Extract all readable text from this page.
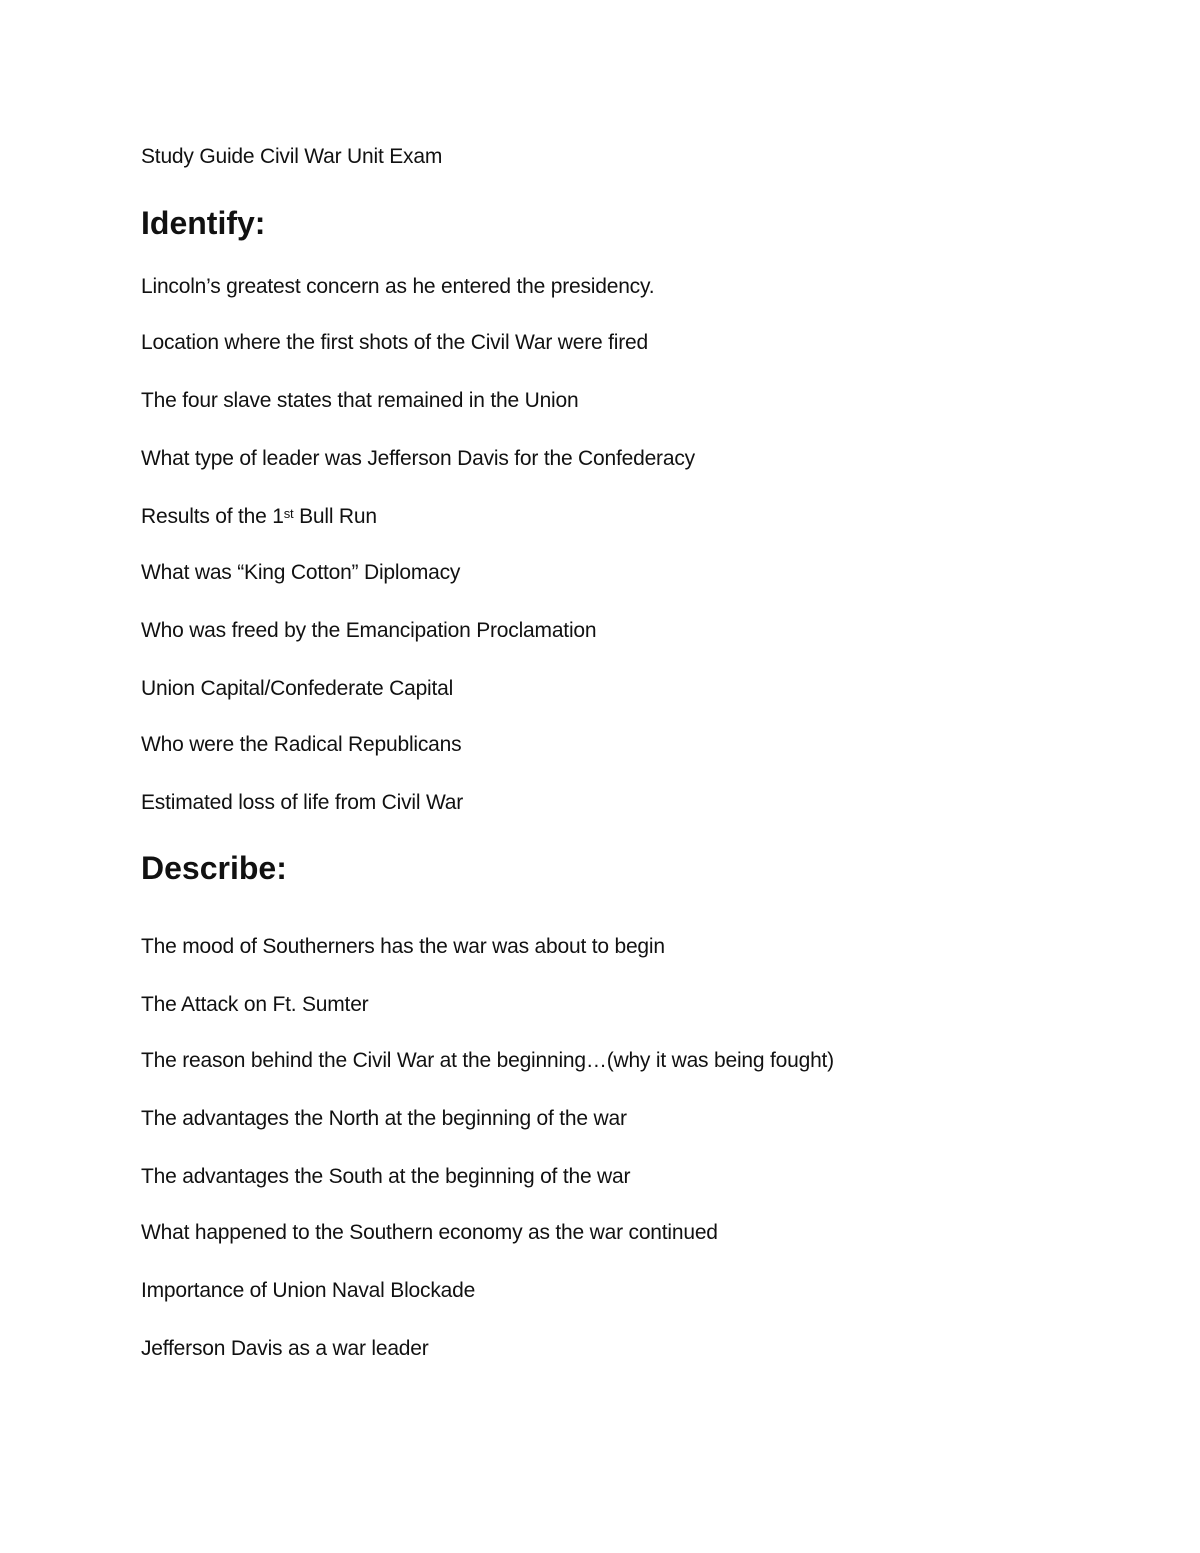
Study Guide Civil War Unit Exam
Identify:
Lincoln’s greatest concern as he entered the presidency.
Location where the first shots of the Civil War were fired
The four slave states that remained in the Union
What type of leader was Jefferson Davis for the Confederacy
Results of the 1st Bull Run
What was “King Cotton” Diplomacy
Who was freed by the Emancipation Proclamation
Union Capital/Confederate Capital
Who were the Radical Republicans
Estimated loss of life from Civil War
Describe:
The mood of Southerners has the war was about to begin
The Attack on Ft. Sumter
The reason behind the Civil War at the beginning…(why it was being fought)
The advantages the North at the beginning of the war
The advantages the South at the beginning of the war
What happened to the Southern economy as the war continued
Importance of Union Naval Blockade
Jefferson Davis as a war leader
